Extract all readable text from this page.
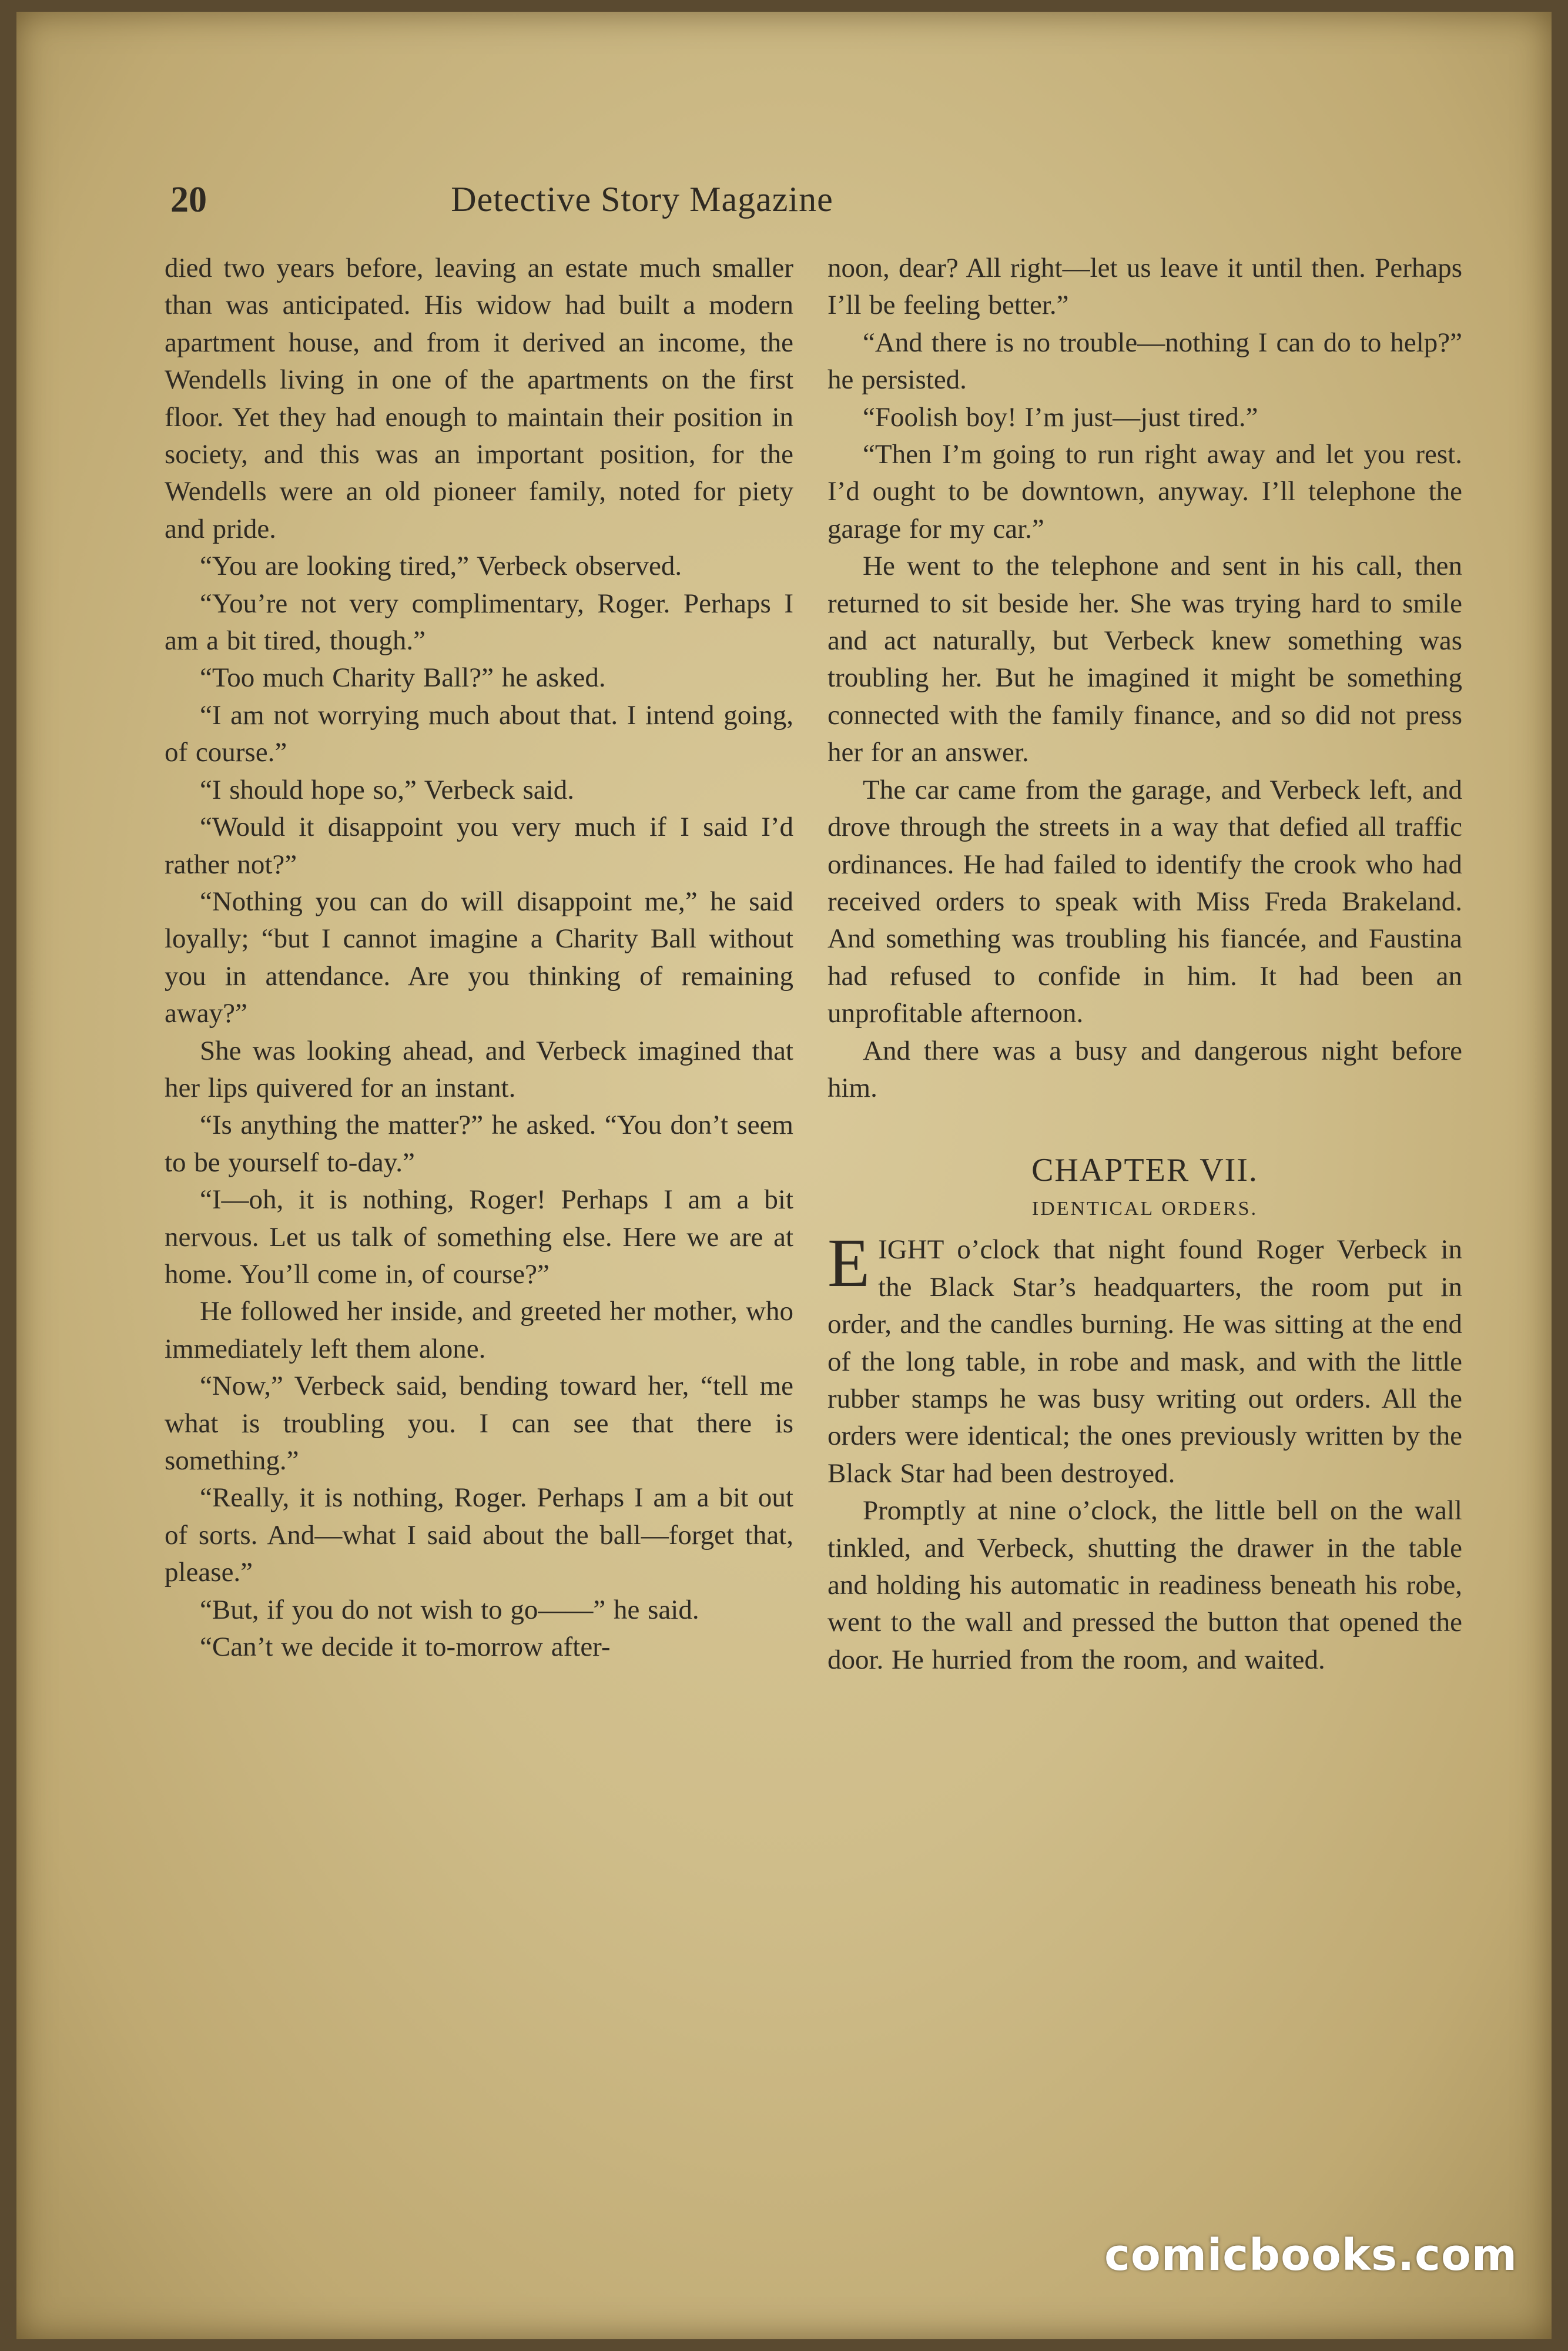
20	Detective Story Magazine

died two years before, leaving an estate much smaller than was anticipated. His widow had built a modern apartment house, and from it derived an income, the Wendells living in one of the apartments on the first floor. Yet they had enough to maintain their position in society, and this was an important position, for the Wendells were an old pioneer family, noted for piety and pride.

“You are looking tired,” Verbeck observed.

“You’re not very complimentary, Roger. Perhaps I am a bit tired, though.”

“Too much Charity Ball?” he asked.

“I am not worrying much about that. I intend going, of course.”

“I should hope so,” Verbeck said.

“Would it disappoint you very much if I said I’d rather not?”

“Nothing you can do will disappoint me,” he said loyally; “but I cannot imagine a Charity Ball without you in attendance. Are you thinking of remaining away?”

She was looking ahead, and Verbeck imagined that her lips quivered for an instant.

“Is anything the matter?” he asked. “You don’t seem to be yourself to-day.”

“I—oh, it is nothing, Roger! Perhaps I am a bit nervous. Let us talk of something else. Here we are at home. You’ll come in, of course?”

He followed her inside, and greeted her mother, who immediately left them alone.

“Now,” Verbeck said, bending toward her, “tell me what is troubling you. I can see that there is something.”

“Really, it is nothing, Roger. Perhaps I am a bit out of sorts. And—what I said about the ball—forget that, please.”

“But, if you do not wish to go——” he said.

“Can’t we decide it to-morrow after-

noon, dear? All right—let us leave it until then. Perhaps I’ll be feeling better.”

“And there is no trouble—nothing I can do to help?” he persisted.

“Foolish boy! I’m just—just tired.”

“Then I’m going to run right away and let you rest. I’d ought to be downtown, anyway. I’ll telephone the garage for my car.”

He went to the telephone and sent in his call, then returned to sit beside her. She was trying hard to smile and act naturally, but Verbeck knew something was troubling her. But he imagined it might be something connected with the family finance, and so did not press her for an answer.

The car came from the garage, and Verbeck left, and drove through the streets in a way that defied all traffic ordinances. He had failed to identify the crook who had received orders to speak with Miss Freda Brakeland. And something was troubling his fiancée, and Faustina had refused to confide in him. It had been an unprofitable afternoon.

And there was a busy and dangerous night before him.

CHAPTER VII.
IDENTICAL ORDERS.

EIGHT o’clock that night found Roger Verbeck in the Black Star’s headquarters, the room put in order, and the candles burning. He was sitting at the end of the long table, in robe and mask, and with the little rubber stamps he was busy writing out orders. All the orders were identical; the ones previously written by the Black Star had been destroyed.

Promptly at nine o’clock, the little bell on the wall tinkled, and Verbeck, shutting the drawer in the table and holding his automatic in readiness beneath his robe, went to the wall and pressed the button that opened the door. He hurried from the room, and waited.

comicbooks.com
